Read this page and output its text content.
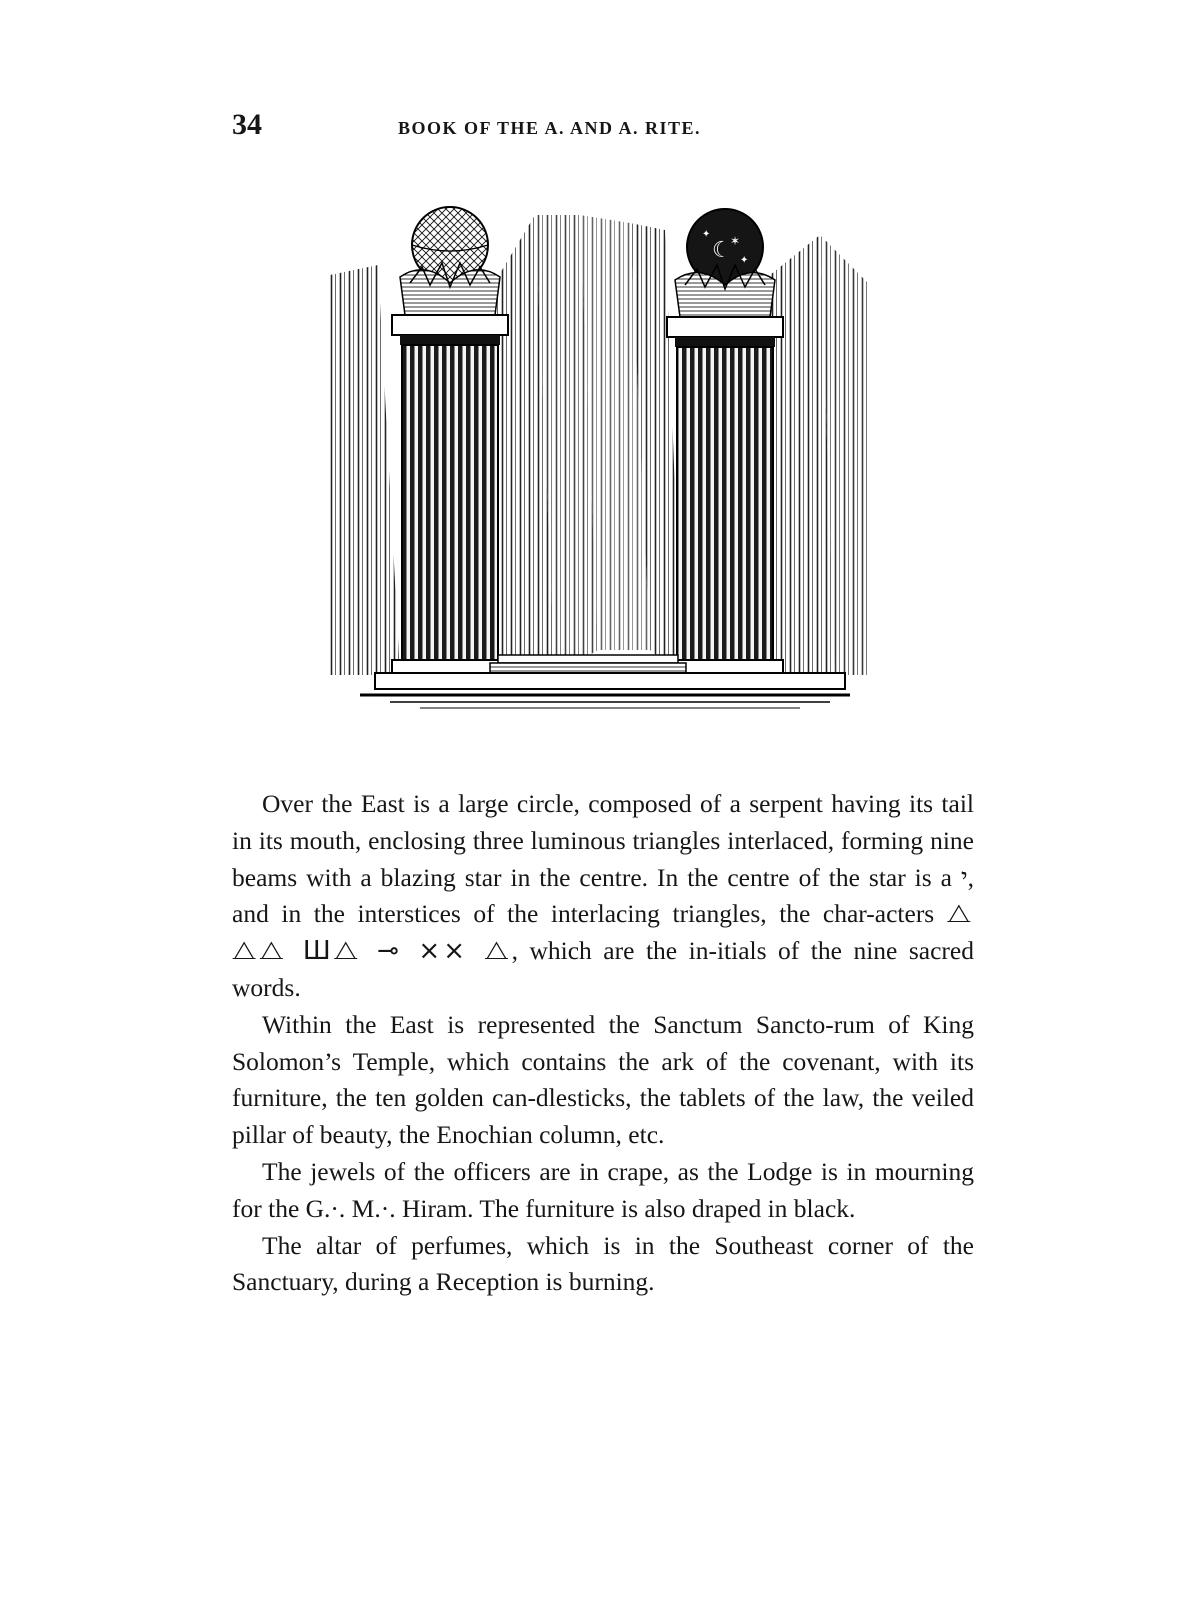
34	BOOK OF THE A. AND A. RITE.
☾
✶
✦
✦

Over the East is a large circle, composed of a serpent having its tail in its mouth, enclosing three luminous triangles interlaced, forming nine beams with a blazing star in the centre. In the centre of the star is a י, and in the interstices of the interlacing triangles, the char-acters ⧍ ⧍⧍ Ш⧍ ⊸ ⨯⨯ ⧍, which are the in-itials of the nine sacred words.

Within the East is represented the Sanctum Sancto-rum of King Solomon’s Temple, which contains the ark of the covenant, with its furniture, the ten golden can-dlesticks, the tablets of the law, the veiled pillar of beauty, the Enochian column, etc.

The jewels of the officers are in crape, as the Lodge is in mourning for the G.·. M.·. Hiram. The furniture is also draped in black.

The altar of perfumes, which is in the Southeast corner of the Sanctuary, during a Reception is burning.
